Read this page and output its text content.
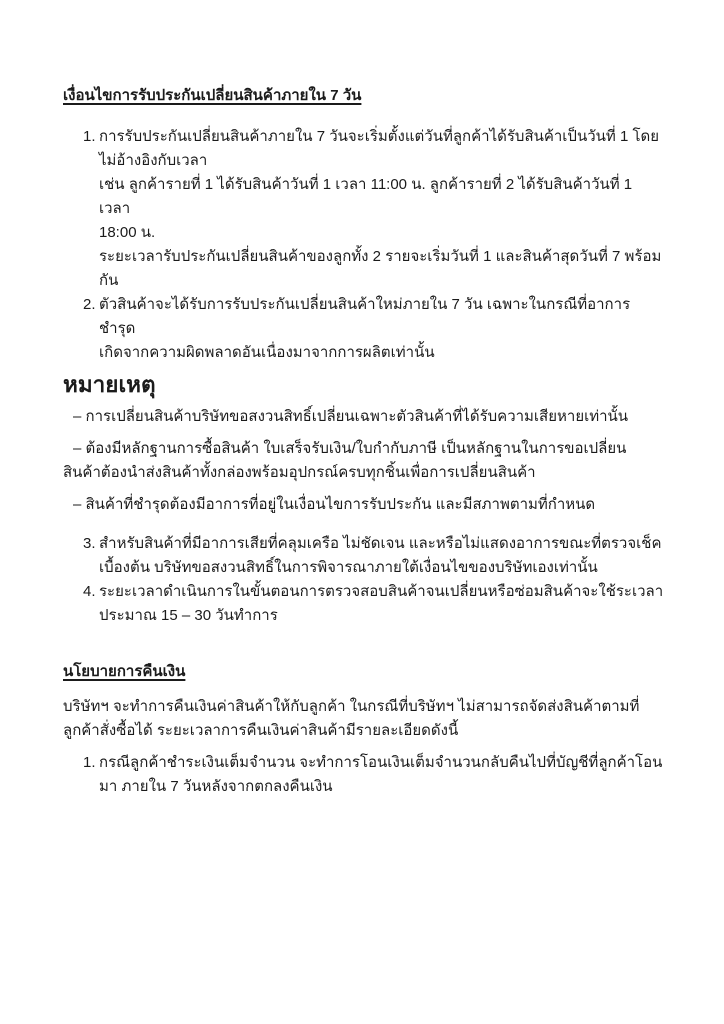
เงื่อนไขการรับประกันเปลี่ยนสินค้าภายใน 7 วัน
1. การรับประกันเปลี่ยนสินค้าภายใน 7 วันจะเริ่มตั้งแต่วันที่ลูกค้าได้รับสินค้าเป็นวันที่ 1 โดย
ไม่อ้างอิงกับเวลา
เช่น ลูกค้ารายที่ 1 ได้รับสินค้าวันที่ 1 เวลา 11:00 น. ลูกค้ารายที่ 2 ได้รับสินค้าวันที่ 1 เวลา
18:00 น.
ระยะเวลารับประกันเปลี่ยนสินค้าของลูกทั้ง 2 รายจะเริ่มวันที่ 1 และสินค้าสุดวันที่ 7 พร้อม
กัน
2. ตัวสินค้าจะได้รับการรับประกันเปลี่ยนสินค้าใหม่ภายใน 7 วัน เฉพาะในกรณีที่อาการชำรุด
เกิดจากความผิดพลาดอันเนื่องมาจากการผลิตเท่านั้น
หมายเหตุ
– การเปลี่ยนสินค้าบริษัทขอสงวนสิทธิ์เปลี่ยนเฉพาะตัวสินค้าที่ได้รับความเสียหายเท่านั้น
– ต้องมีหลักฐานการซื้อสินค้า ใบเสร็จรับเงิน/ใบกำกับภาษี เป็นหลักฐานในการขอเปลี่ยน
สินค้าต้องนำส่งสินค้าทั้งกล่องพร้อมอุปกรณ์ครบทุกชิ้นเพื่อการเปลี่ยนสินค้า
– สินค้าที่ชำรุดต้องมีอาการที่อยู่ในเงื่อนไขการรับประกัน และมีสภาพตามที่กำหนด
3. สำหรับสินค้าที่มีอาการเสียที่คลุมเครือ ไม่ชัดเจน และหรือไม่แสดงอาการขณะที่ตรวจเช็ค
เบื้องต้น บริษัทขอสงวนสิทธิ์ในการพิจารณาภายใต้เงื่อนไขของบริษัทเองเท่านั้น
4. ระยะเวลาดำเนินการในขั้นตอนการตรวจสอบสินค้าจนเปลี่ยนหรือซ่อมสินค้าจะใช้ระเวลา
ประมาณ 15 – 30 วันทำการ
นโยบายการคืนเงิน
บริษัทฯ จะทำการคืนเงินค่าสินค้าให้กับลูกค้า ในกรณีที่บริษัทฯ ไม่สามารถจัดส่งสินค้าตามที่
ลูกค้าสั่งซื้อได้ ระยะเวลาการคืนเงินค่าสินค้ามีรายละเอียดดังนี้
1. กรณีลูกค้าชำระเงินเต็มจำนวน จะทำการโอนเงินเต็มจำนวนกลับคืนไปที่บัญชีที่ลูกค้าโอน
มา ภายใน 7 วันหลังจากตกลงคืนเงิน
